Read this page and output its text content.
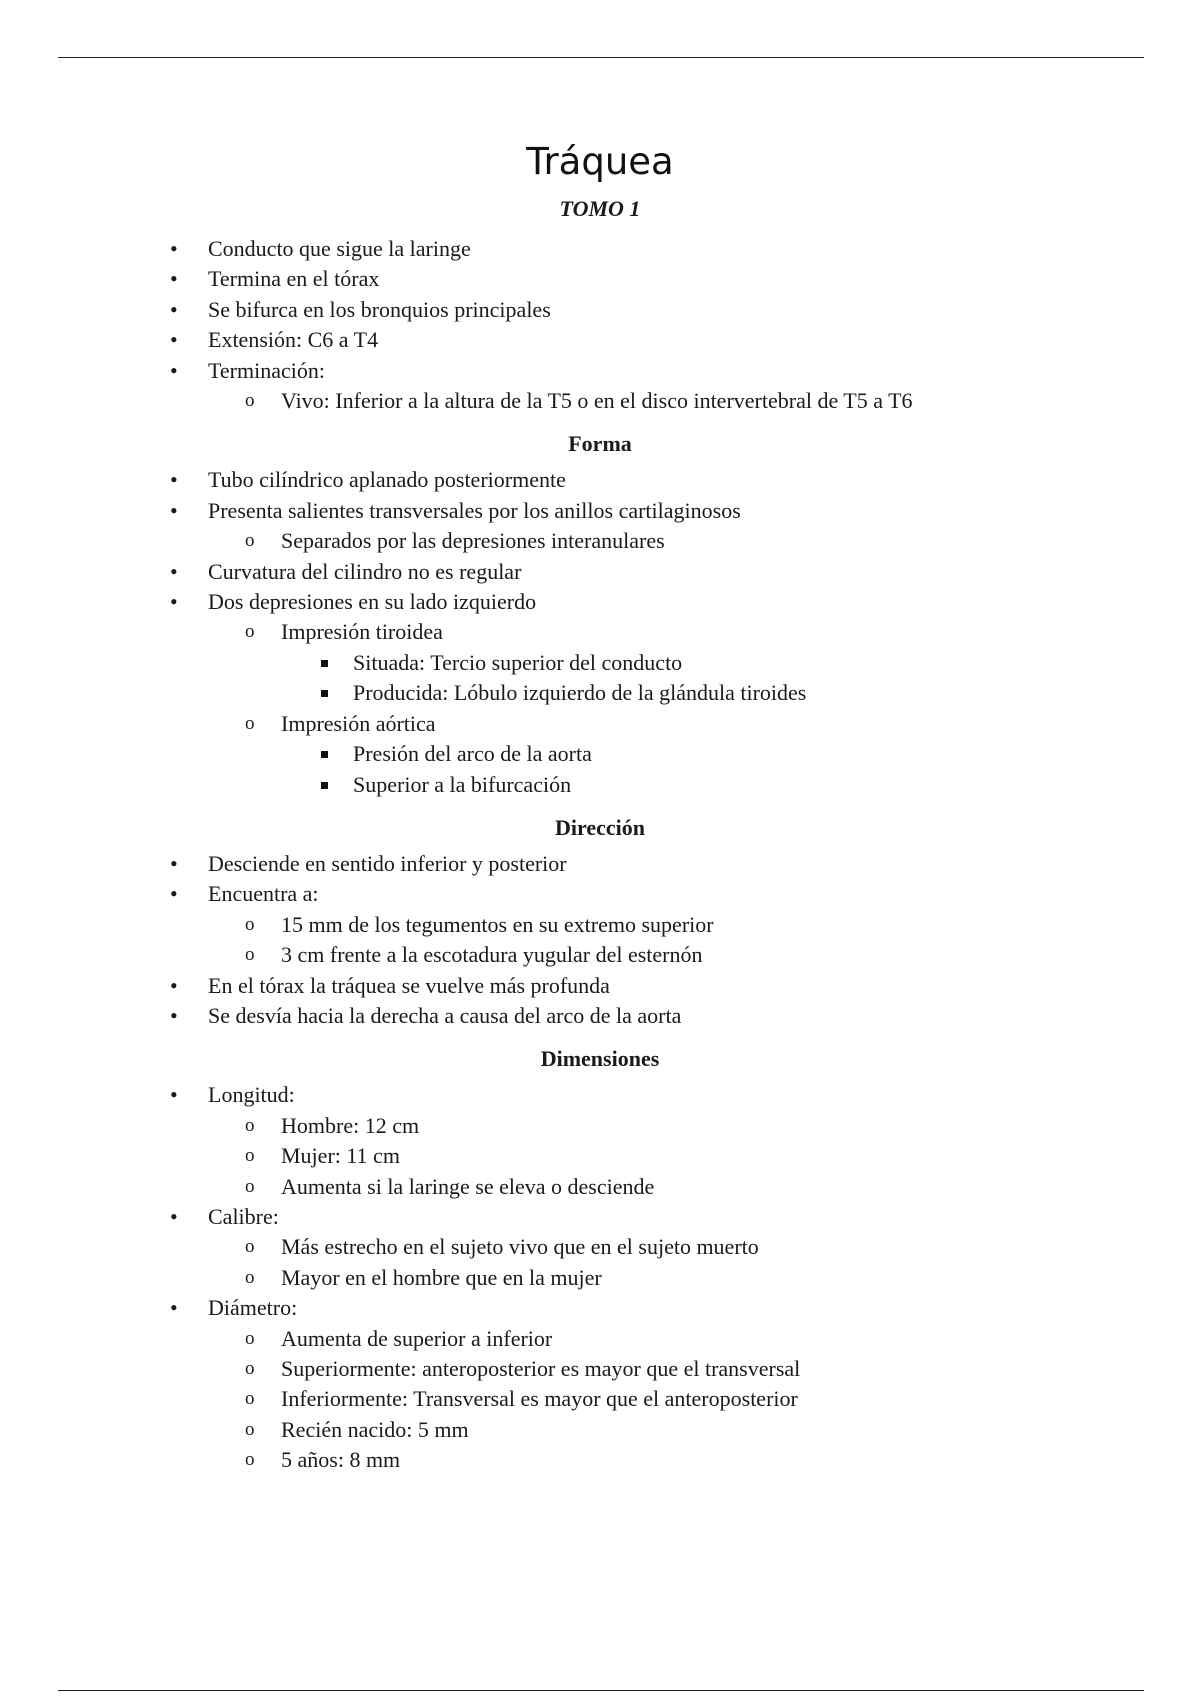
Tráquea
TOMO 1
• Conducto que sigue la laringe
• Termina en el tórax
• Se bifurca en los bronquios principales
• Extensión: C6 a T4
• Terminación:
o Vivo: Inferior a la altura de la T5 o en el disco intervertebral de T5 a T6
Forma
• Tubo cilíndrico aplanado posteriormente
• Presenta salientes transversales por los anillos cartilaginosos
o Separados por las depresiones interanulares
• Curvatura del cilindro no es regular
• Dos depresiones en su lado izquierdo
o Impresión tiroidea
Situada: Tercio superior del conducto
Producida: Lóbulo izquierdo de la glándula tiroides
o Impresión aórtica
Presión del arco de la aorta
Superior a la bifurcación
Dirección
• Desciende en sentido inferior y posterior
• Encuentra a:
o 15 mm de los tegumentos en su extremo superior
o 3 cm frente a la escotadura yugular del esternón
• En el tórax la tráquea se vuelve más profunda
• Se desvía hacia la derecha a causa del arco de la aorta
Dimensiones
• Longitud:
o Hombre: 12 cm
o Mujer: 11 cm
o Aumenta si la laringe se eleva o desciende
• Calibre:
o Más estrecho en el sujeto vivo que en el sujeto muerto
o Mayor en el hombre que en la mujer
• Diámetro:
o Aumenta de superior a inferior
o Superiormente: anteroposterior es mayor que el transversal
o Inferiormente: Transversal es mayor que el anteroposterior
o Recién nacido: 5 mm
o 5 años: 8 mm
